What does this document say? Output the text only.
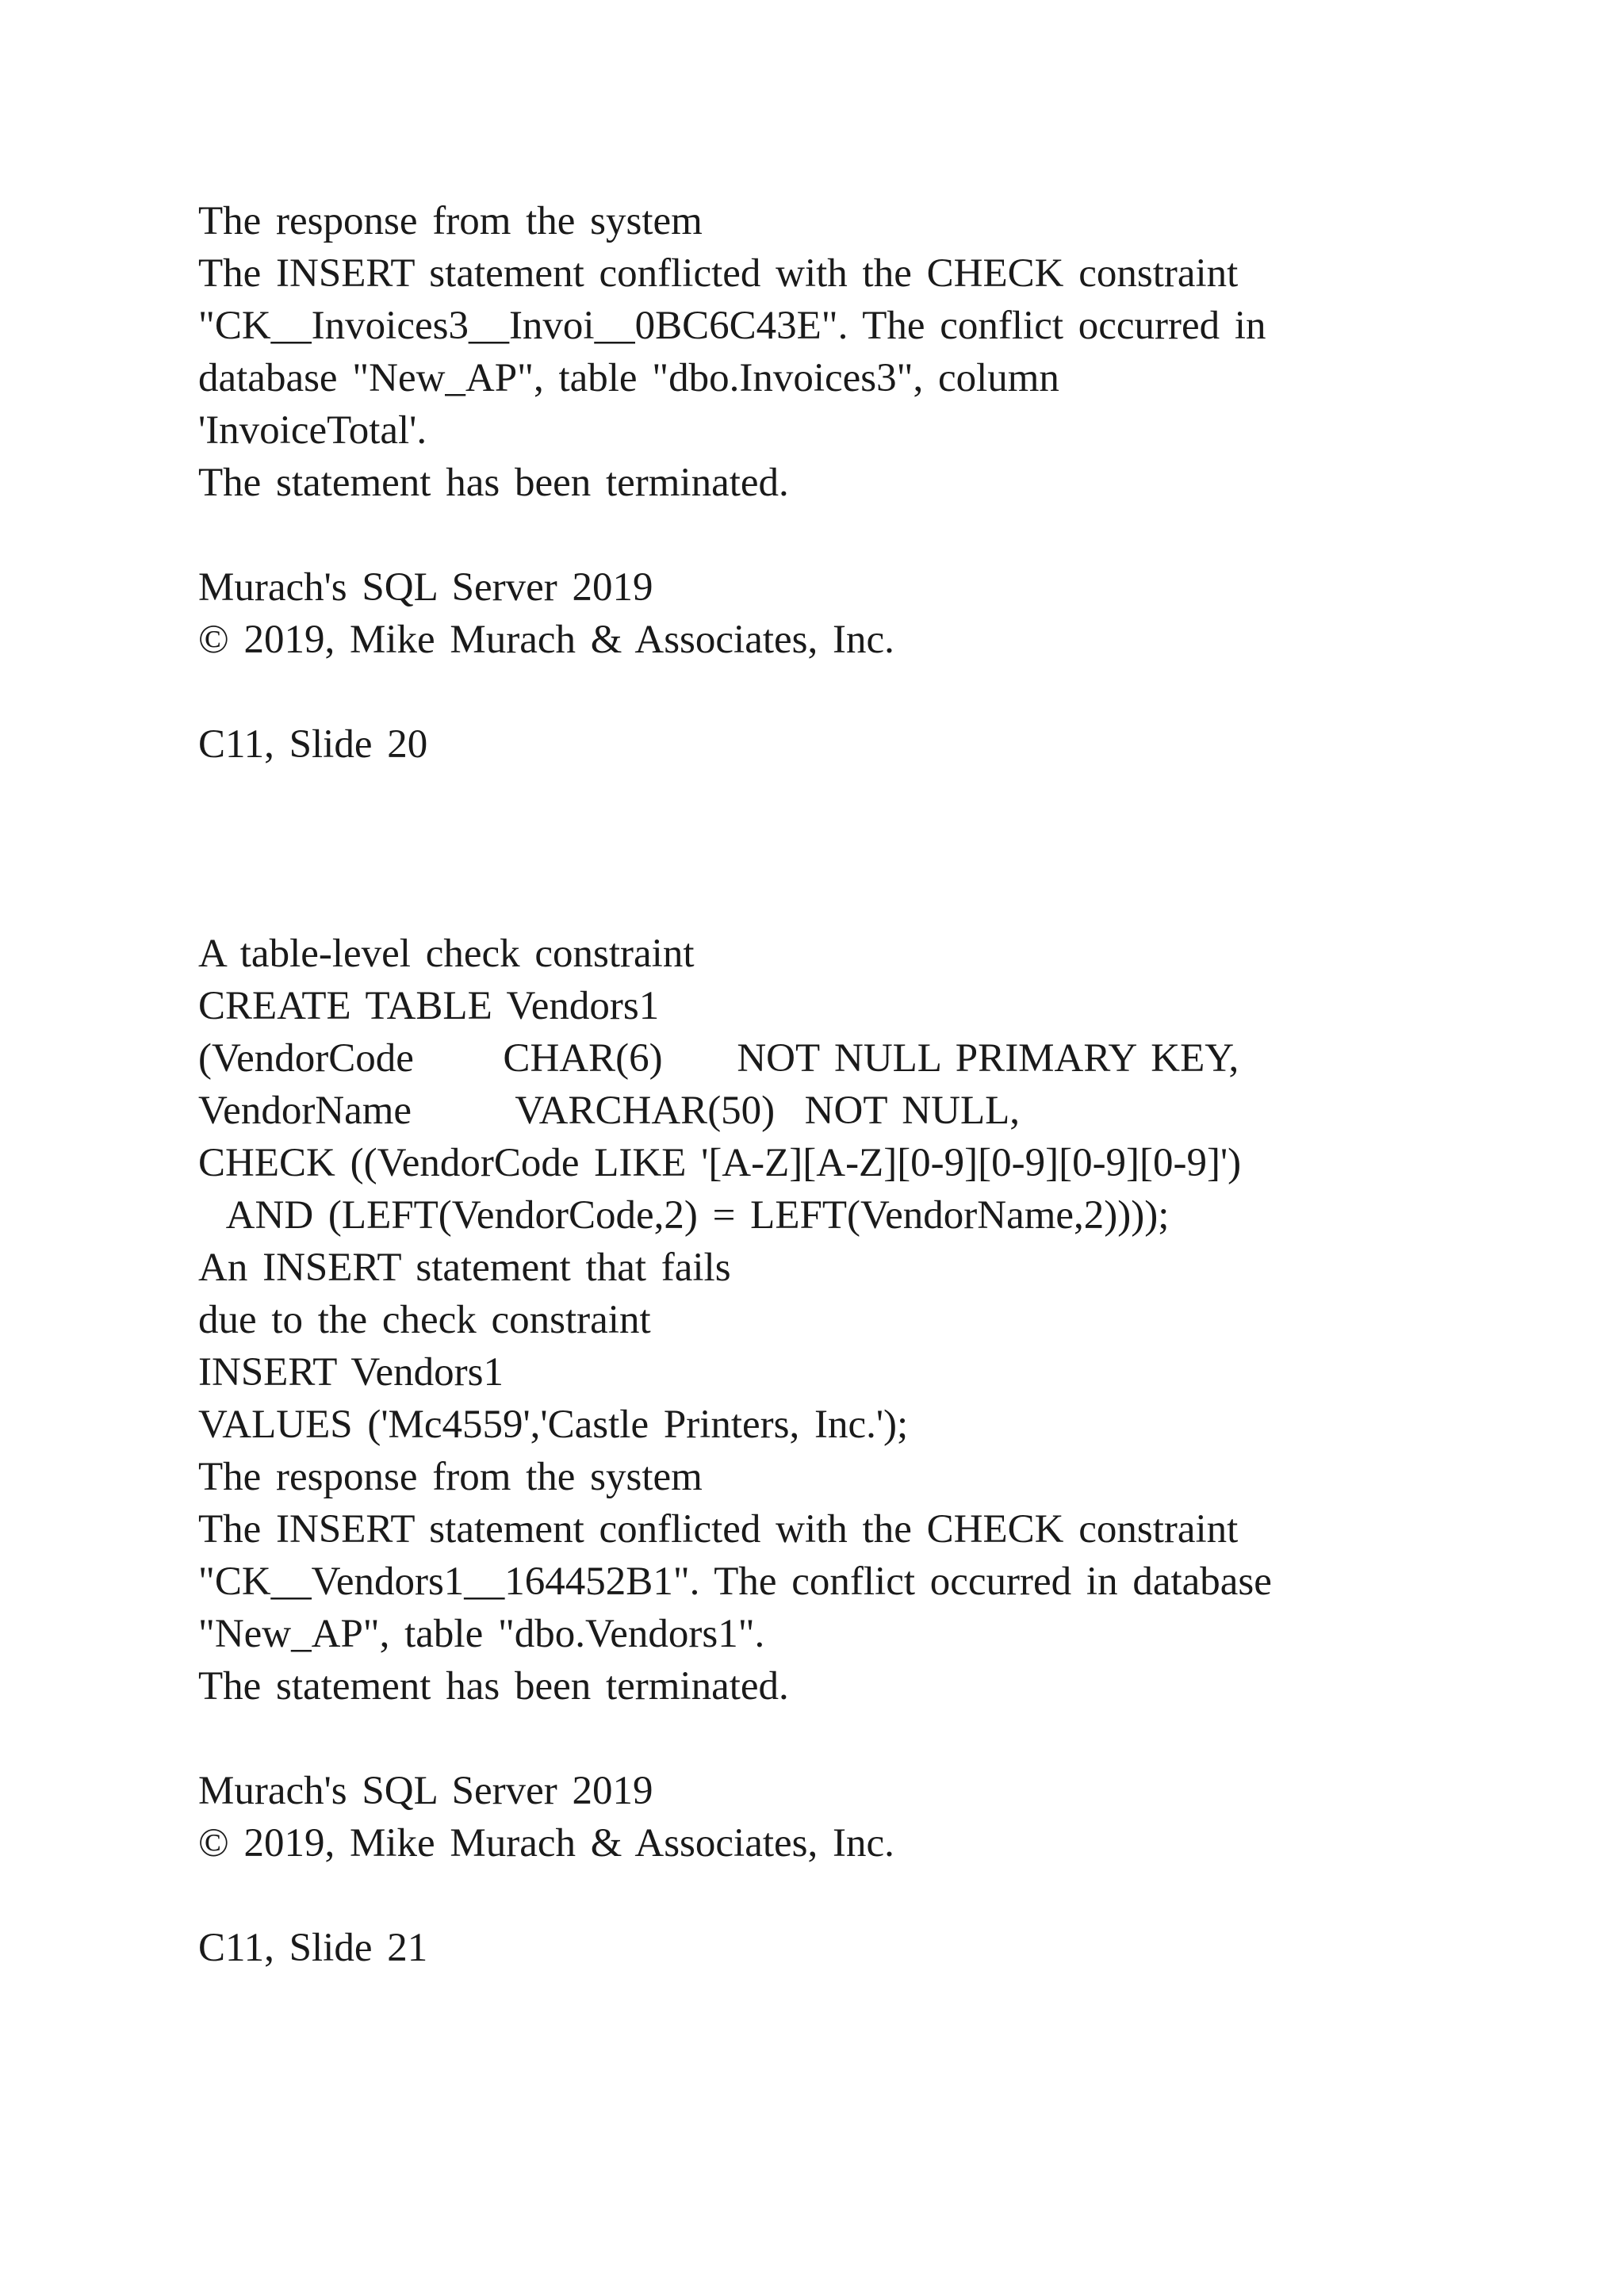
The response from the system
The INSERT statement conflicted with the CHECK constraint
"CK__Invoices3__Invoi__0BC6C43E". The conflict occurred in
database "New_AP", table "dbo.Invoices3", column
'InvoiceTotal'.
The statement has been terminated.
Murach's SQL Server 2019
© 2019, Mike Murach & Associates, Inc.
C11, Slide 20
A table-level check constraint
CREATE TABLE Vendors1
(VendorCode      CHAR(6)     NOT NULL PRIMARY KEY,
VendorName       VARCHAR(50)  NOT NULL,
CHECK ((VendorCode LIKE '[A-Z][A-Z][0-9][0-9][0-9][0-9]')
AND (LEFT(VendorCode,2) = LEFT(VendorName,2))));
An INSERT statement that fails
due to the check constraint
INSERT Vendors1
VALUES ('Mc4559','Castle Printers, Inc.');
The response from the system
The INSERT statement conflicted with the CHECK constraint
"CK__Vendors1__164452B1". The conflict occurred in database
"New_AP", table "dbo.Vendors1".
The statement has been terminated.
Murach's SQL Server 2019
© 2019, Mike Murach & Associates, Inc.
C11, Slide 21
